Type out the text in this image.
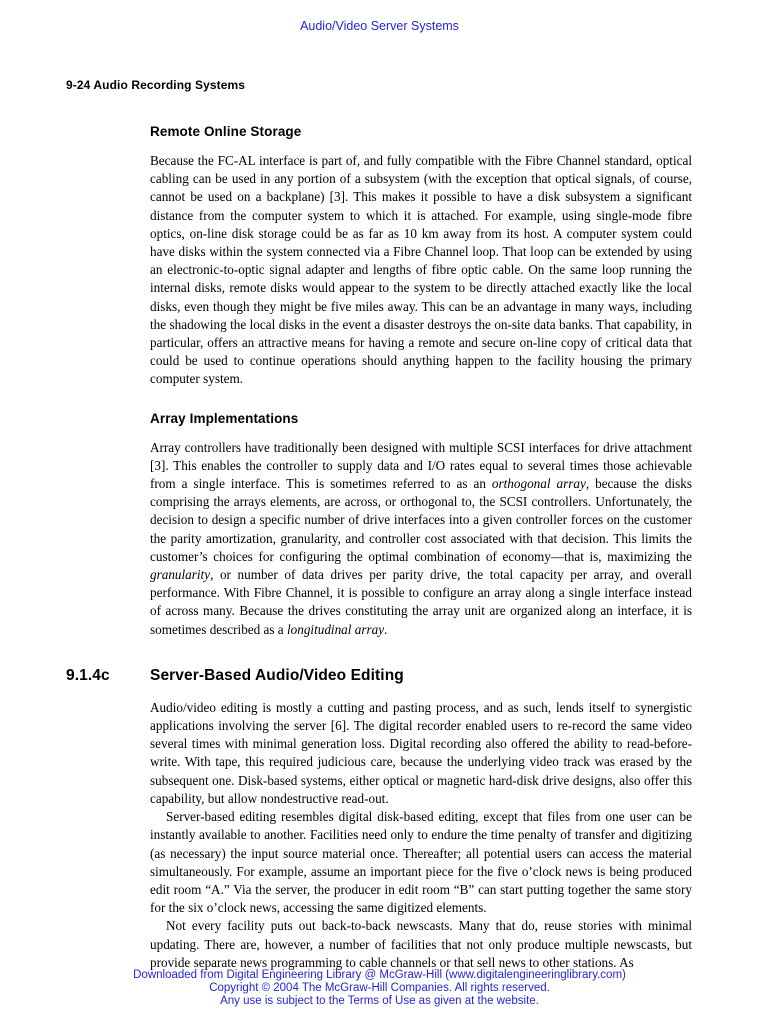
Audio/Video Server Systems
9-24 Audio Recording Systems
Remote Online Storage

Because the FC-AL interface is part of, and fully compatible with the Fibre Channel standard, optical cabling can be used in any portion of a subsystem (with the exception that optical signals, of course, cannot be used on a backplane) [3]. This makes it possible to have a disk subsystem a significant distance from the computer system to which it is attached. For example, using single-mode fibre optics, on-line disk storage could be as far as 10 km away from its host. A computer system could have disks within the system connected via a Fibre Channel loop. That loop can be extended by using an electronic-to-optic signal adapter and lengths of fibre optic cable. On the same loop running the internal disks, remote disks would appear to the system to be directly attached exactly like the local disks, even though they might be five miles away. This can be an advantage in many ways, including the shadowing the local disks in the event a disaster destroys the on-site data banks. That capability, in particular, offers an attractive means for having a remote and secure on-line copy of critical data that could be used to continue operations should anything happen to the facility housing the primary computer system.

Array Implementations

Array controllers have traditionally been designed with multiple SCSI interfaces for drive attachment [3]. This enables the controller to supply data and I/O rates equal to several times those achievable from a single interface. This is sometimes referred to as an orthogonal array, because the disks comprising the arrays elements, are across, or orthogonal to, the SCSI controllers. Unfortunately, the decision to design a specific number of drive interfaces into a given controller forces on the customer the parity amortization, granularity, and controller cost associated with that decision. This limits the customer’s choices for configuring the optimal combination of economy—that is, maximizing the granularity, or number of data drives per parity drive, the total capacity per array, and overall performance. With Fibre Channel, it is possible to configure an array along a single interface instead of across many. Because the drives constituting the array unit are organized along an interface, it is sometimes described as a longitudinal array.

9.1.4c	Server-Based Audio/Video Editing

Audio/video editing is mostly a cutting and pasting process, and as such, lends itself to synergistic applications involving the server [6]. The digital recorder enabled users to re-record the same video several times with minimal generation loss. Digital recording also offered the ability to read-before-write. With tape, this required judicious care, because the underlying video track was erased by the subsequent one. Disk-based systems, either optical or magnetic hard-disk drive designs, also offer this capability, but allow nondestructive read-out.

Server-based editing resembles digital disk-based editing, except that files from one user can be instantly available to another. Facilities need only to endure the time penalty of transfer and digitizing (as necessary) the input source material once. Thereafter; all potential users can access the material simultaneously. For example, assume an important piece for the five o’clock news is being produced edit room “A.” Via the server, the producer in edit room “B” can start putting together the same story for the six o’clock news, accessing the same digitized elements.

Not every facility puts out back-to-back newscasts. Many that do, reuse stories with minimal updating. There are, however, a number of facilities that not only produce multiple newscasts, but provide separate news programming to cable channels or that sell news to other stations. As

Downloaded from Digital Engineering Library @ McGraw-Hill (www.digitalengineeringlibrary.com)
Copyright © 2004 The McGraw-Hill Companies. All rights reserved.
Any use is subject to the Terms of Use as given at the website.
